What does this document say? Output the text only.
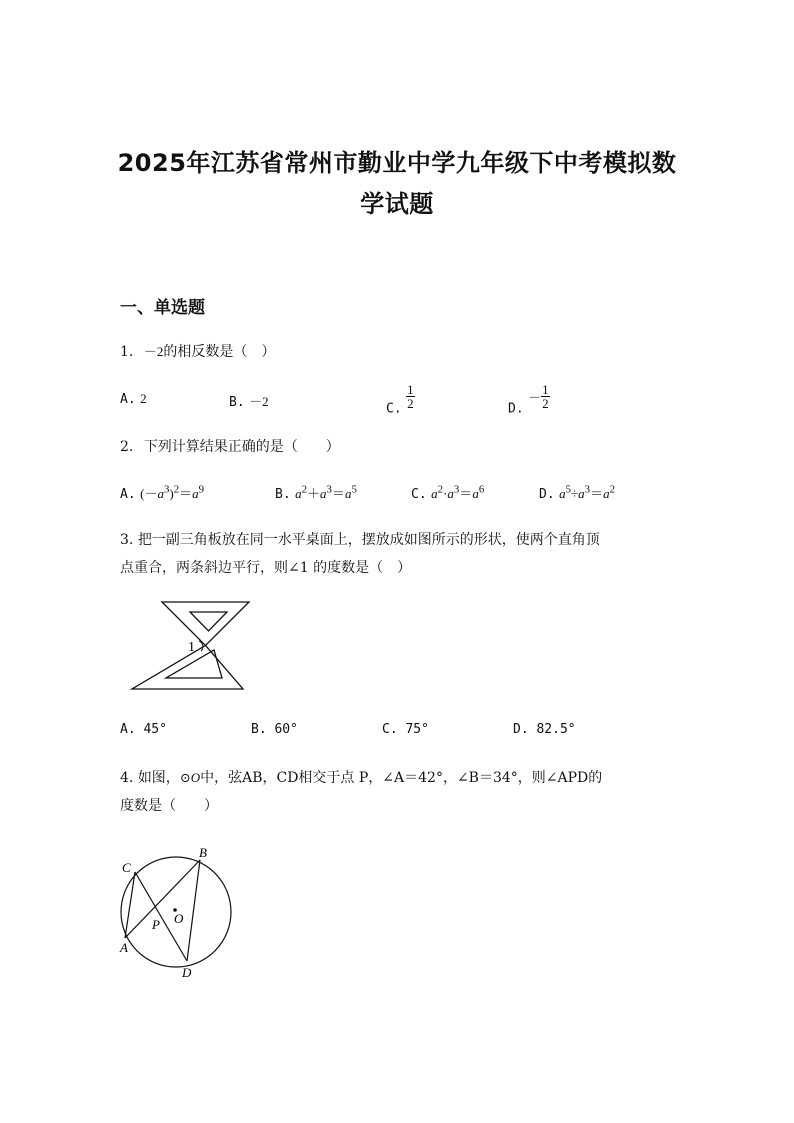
2025年江苏省常州市勤业中学九年级下中考模拟数
学试题
一、单选题
1. －2的相反数是（　）
A. 2	B. －2	C. $\frac{1}{2}$	D. － $\frac{1}{2}$
2. 下列计算结果正确的是（　　）
A. $(-a^3)^2=a^9$	B. $a^2+a^3=a^5$	C. $a^2\cdot a^3=a^6$	D. $a^5\div a^3=a^2$
3. 把一副三角板放在同一水平桌面上，摆放成如图所示的形状，使两个直角顶
点重合，两条斜边平行，则∠1 的度数是（　）
1
A. 45°	B. 60°	C. 75°	D. 82.5°
4. 如图，⊙O中，弦AB，CD相交于点 P，∠A＝42°，∠B＝34°，则∠APD的
度数是（　　）
C
B
A
D
P O
